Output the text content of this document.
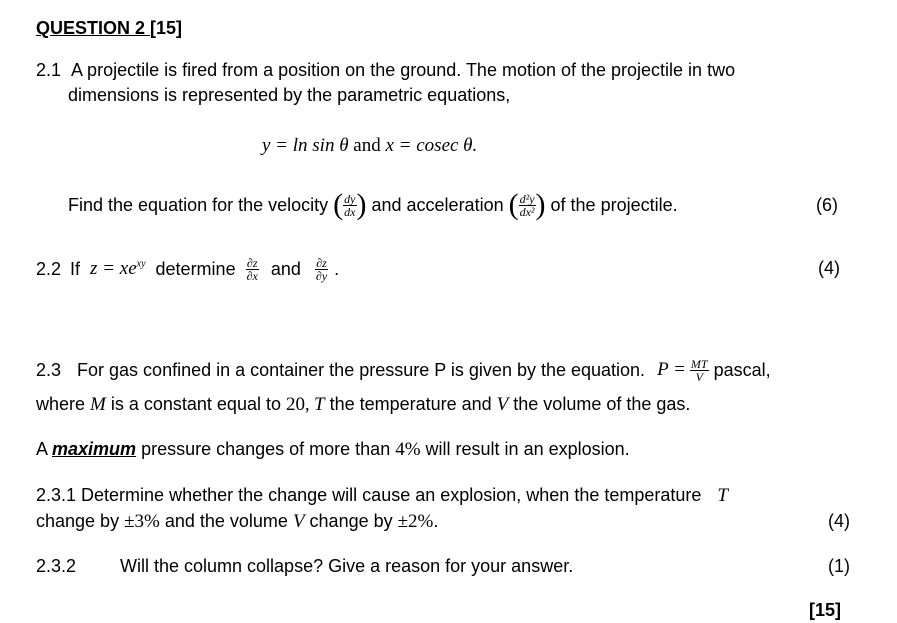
QUESTION 2 [15]
2.1 A projectile is fired from a position on the ground. The motion of the projectile in two
dimensions is represented by the parametric equations,
y = ln sin θ and x = cosec θ.
Find the equation for the velocity ( $\frac{dy}{dx}$ ) and acceleration ( $\frac{\text{d²y}}{\text{dx²}}$ ) of the projectile.	(6)
2.2 If $z = xe^{xy}$ determine $\frac{\partial z}{\partial x}$ and $\frac{\partial z}{\partial y}$ .	(4)
2.3 For gas confined in a container the pressure P is given by the equation. $P = \frac{MT}{V}$ pascal,
where M is a constant equal to 20, T the temperature and V the volume of the gas.
A maximum pressure changes of more than 4% will result in an explosion.
2.3.1 Determine whether the change will cause an explosion, when the temperature T
change by ±3% and the volume V change by ±2%.	(4)
2.3.2 Will the column collapse? Give a reason for your answer.	(1)
[15]
